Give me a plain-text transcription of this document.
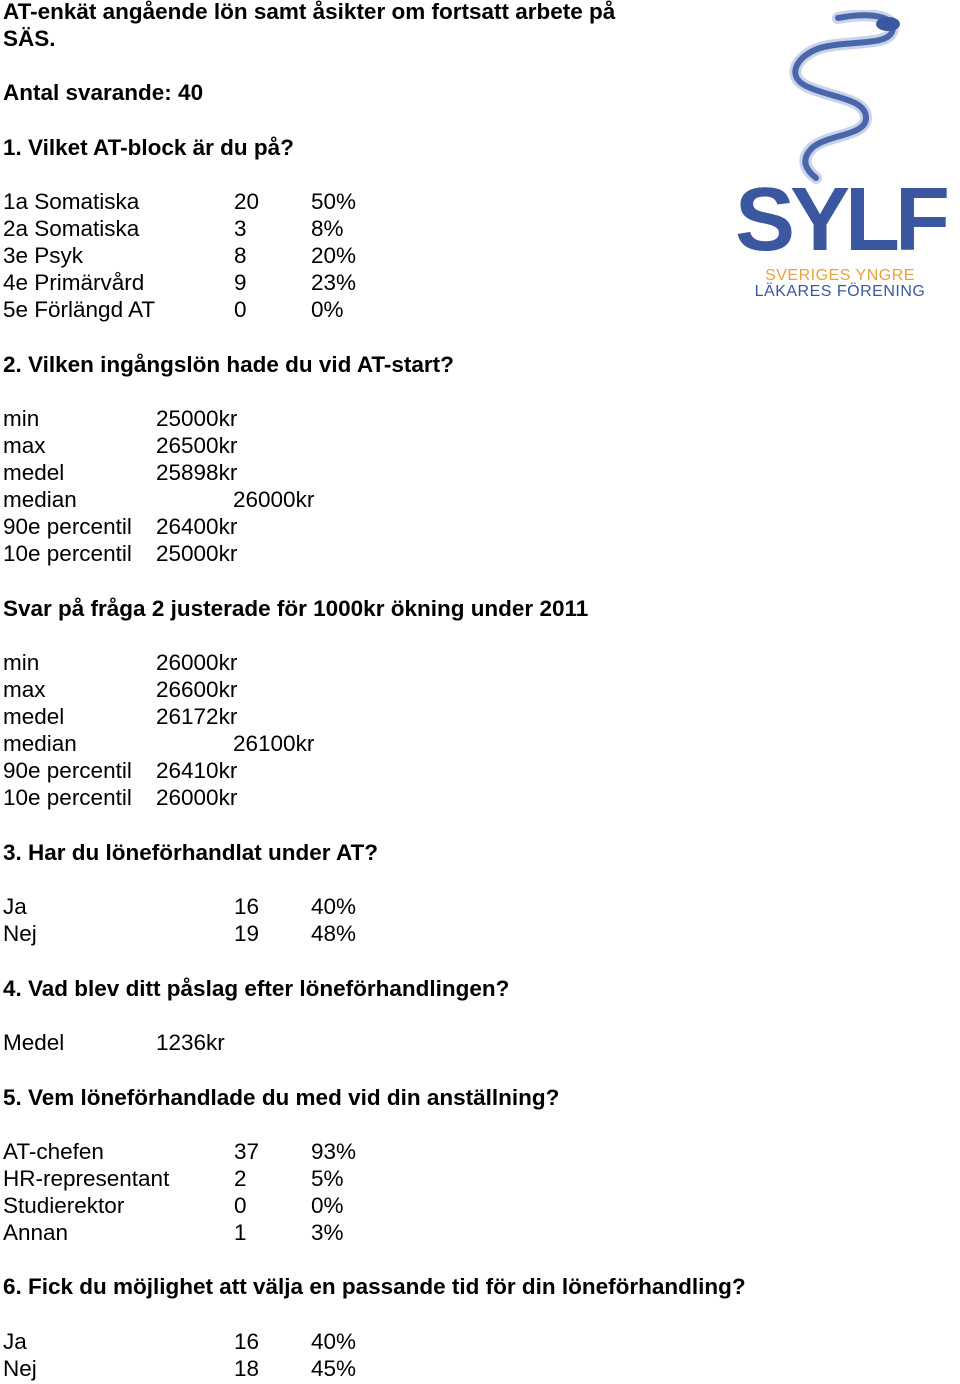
AT-enkät angående lön samt åsikter om fortsatt arbete på
SÄS.
Antal svarande: 40
1. Vilket AT-block är du på?
1a Somatiska	20 50%
2a Somatiska	3	8%
3e Psyk	8	20%
4e Primärvård	9	23%
5e Förlängd AT	0	0%
2. Vilken ingångslön hade du vid AT-start?
min	25000kr
max	26500kr
medel	25898kr
median	26000kr
90e percentil 26400kr
10e percentil 25000kr
Svar på fråga 2 justerade för 1000kr ökning under 2011
min	26000kr
max	26600kr
medel	26172kr
median	26100kr
90e percentil 26410kr
10e percentil 26000kr
3. Har du löneförhandlat under AT?
Ja	16 40%
Nej	19 48%
4. Vad blev ditt påslag efter löneförhandlingen?
Medel	1236kr
5. Vem löneförhandlade du med vid din anställning?
AT-chefen	37 93%
HR-representant	2	5%
Studierektor	0	0%
Annan	1	3%
6. Fick du möjlighet att välja en passande tid för din löneförhandling?
Ja	16 40%
Nej	18 45%
SYLF
SVERIGES YNGRE
LÄKARES FÖRENING
